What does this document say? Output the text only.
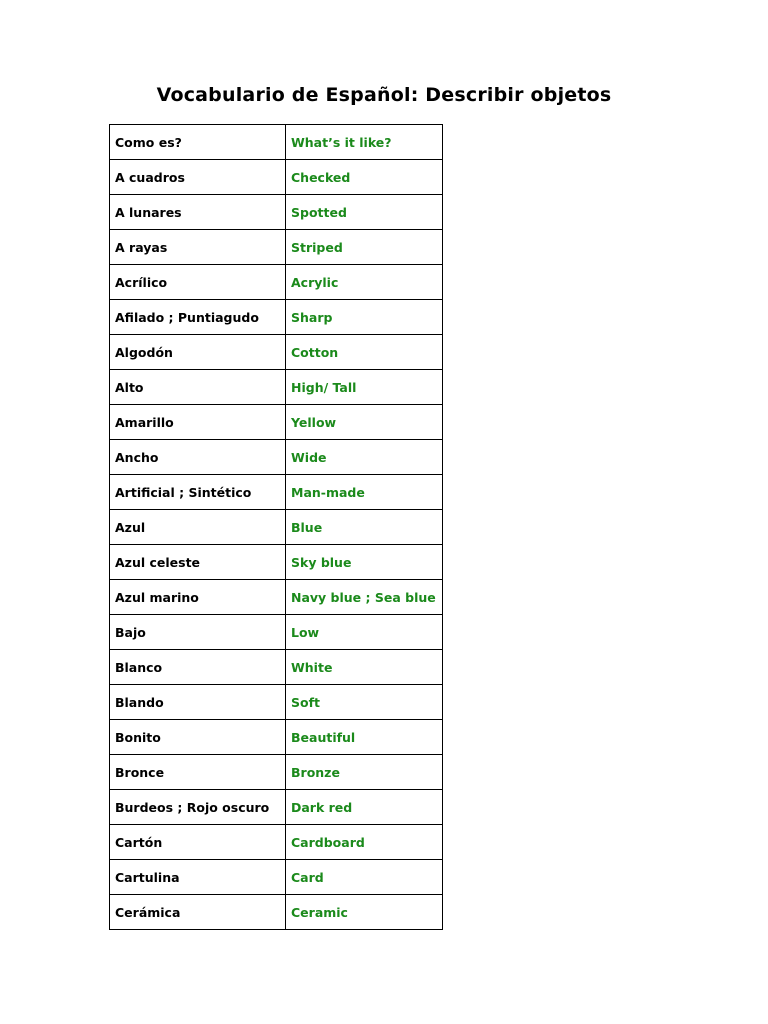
Vocabulario de Español: Describir objetos
Como es?	What’s it like?
A cuadros	Checked
A lunares	Spotted
A rayas	Striped
Acrílico	Acrylic
Afilado ; Puntiagudo	Sharp
Algodón	Cotton
Alto	High/ Tall
Amarillo	Yellow
Ancho	Wide
Artificial ; Sintético	Man-made
Azul	Blue
Azul celeste	Sky blue
Azul marino	Navy blue ; Sea blue
Bajo	Low
Blanco	White
Blando	Soft
Bonito	Beautiful
Bronce	Bronze
Burdeos ; Rojo oscuro	Dark red
Cartón	Cardboard
Cartulina	Card
Cerámica	Ceramic
